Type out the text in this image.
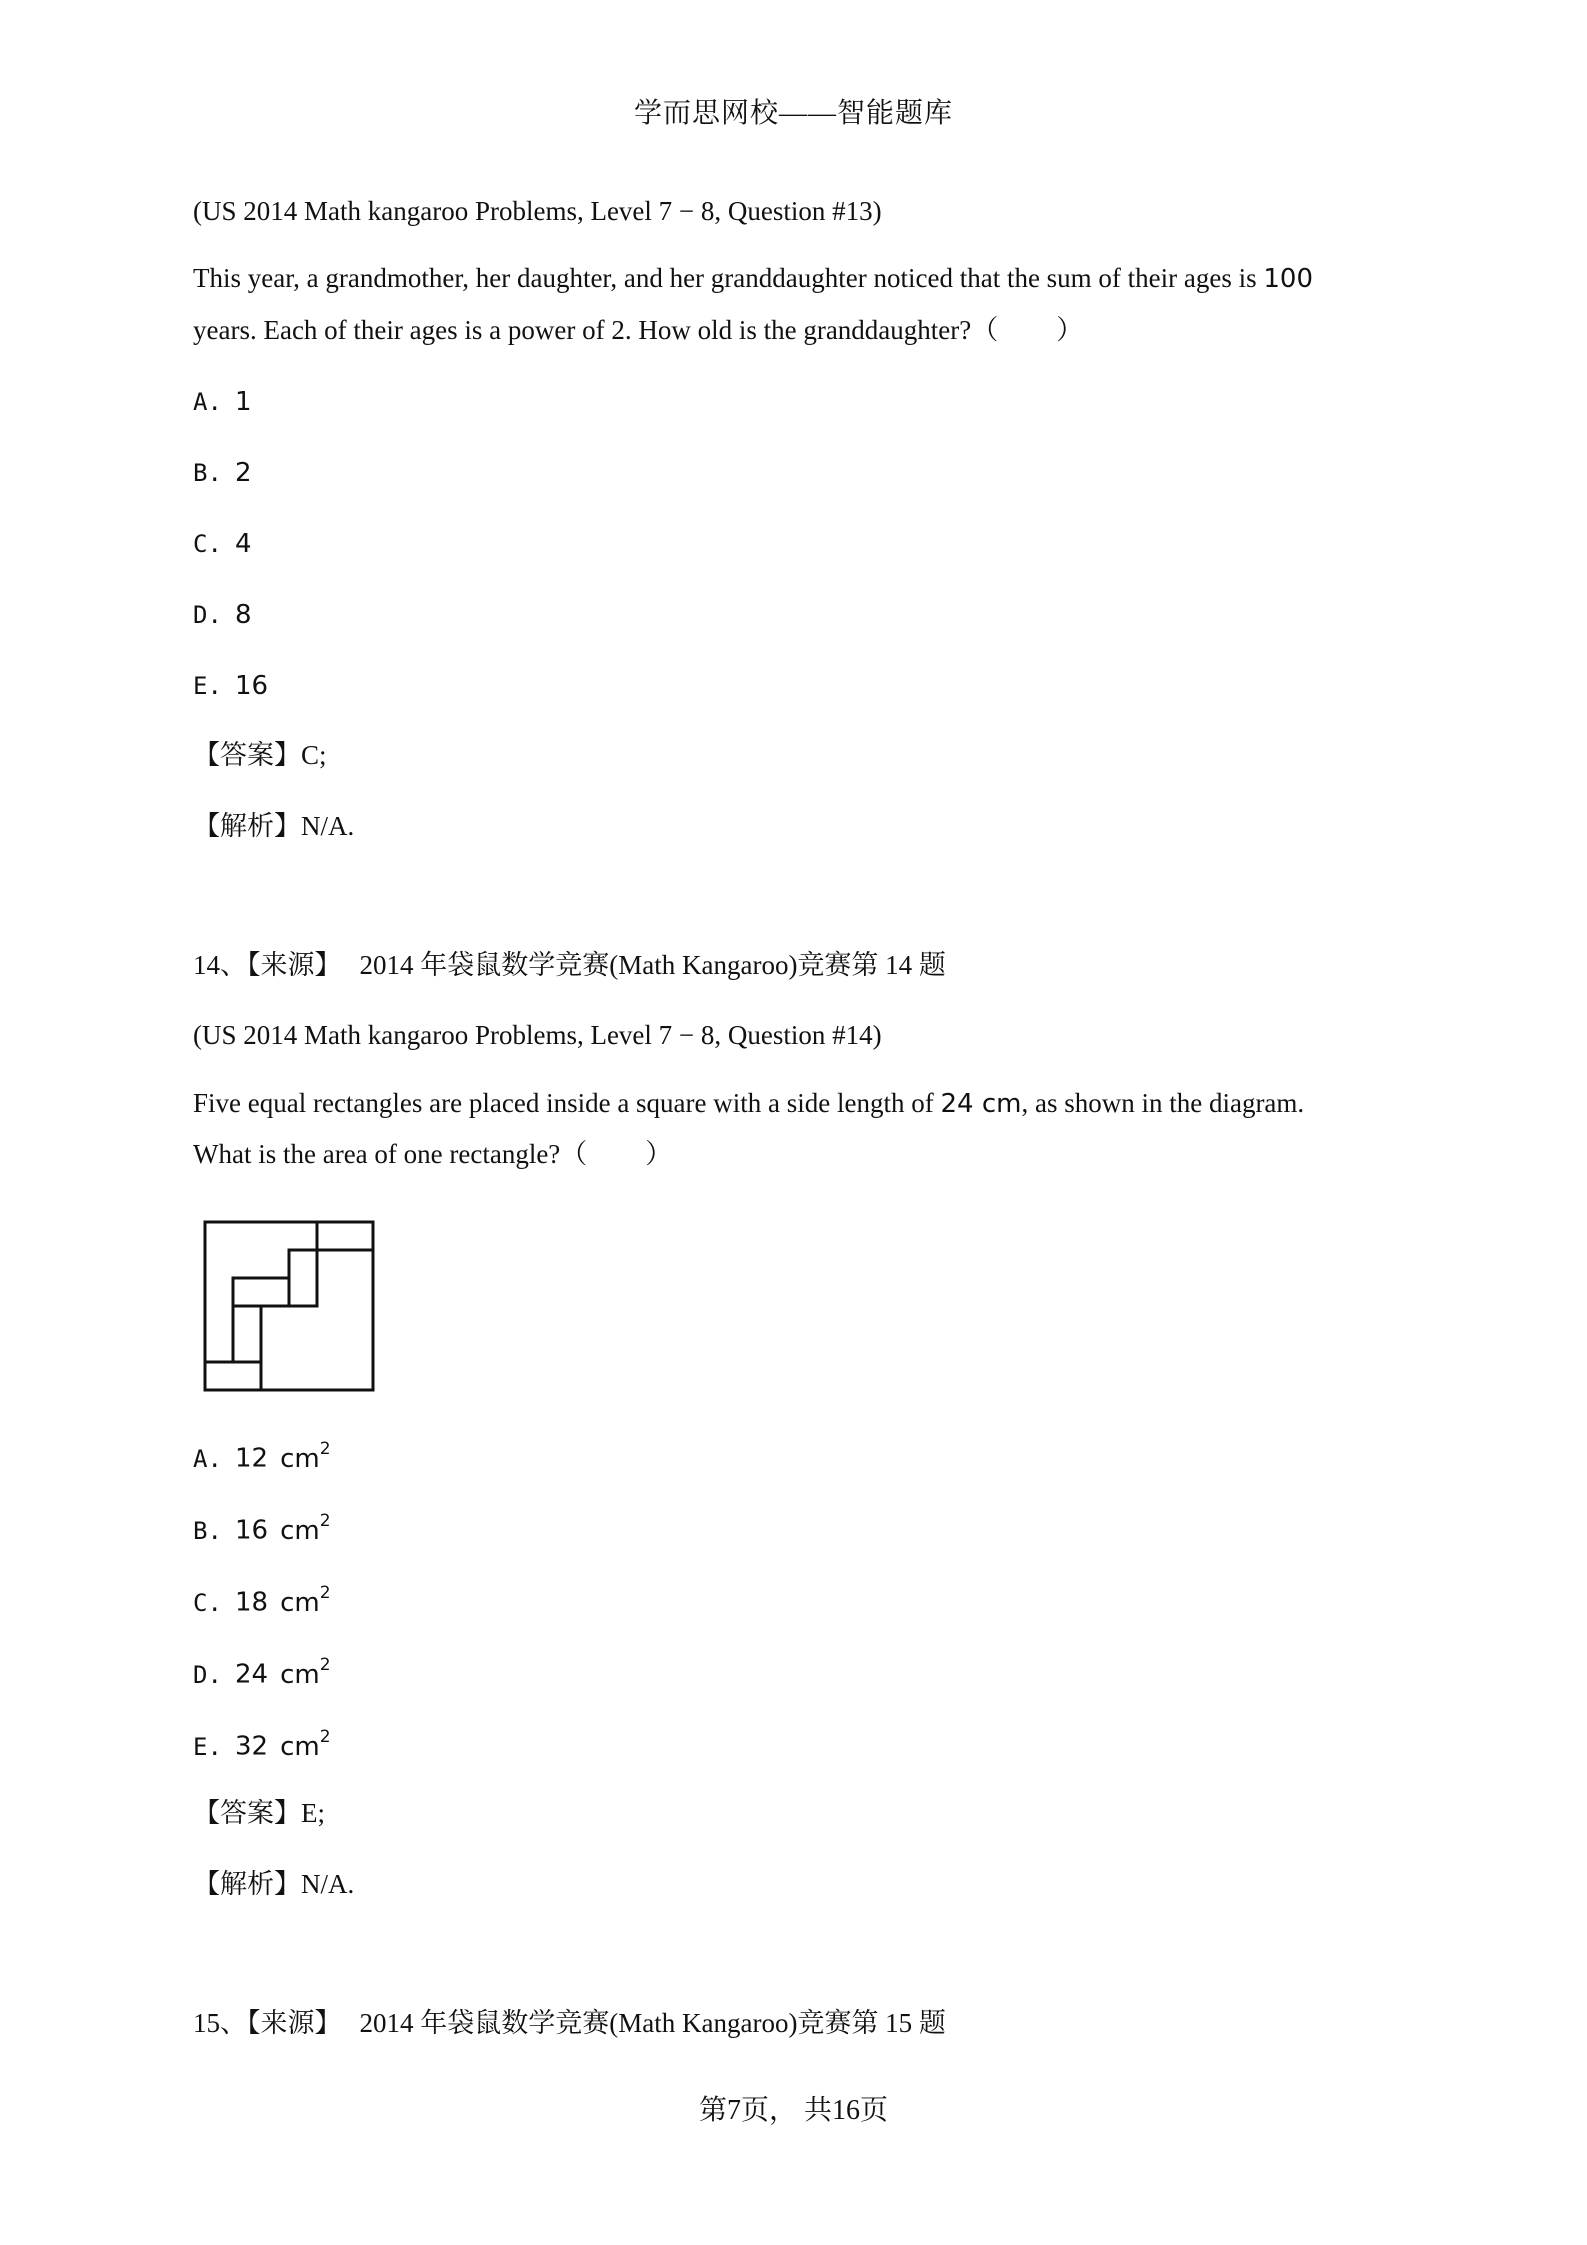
学而思网校——智能题库

(US 2014 Math kangaroo Problems, Level 7 − 8, Question #13)

This year, a grandmother, her daughter, and her granddaughter noticed that the sum of their ages is 100

years. Each of their ages is a power of 2. How old is the granddaughter?（ ）

A. 1

B. 2

C. 4

D. 8

E. 16

【答案】C;

【解析】N/A.

14、【来源】 2014 年袋鼠数学竞赛(Math Kangaroo)竞赛第 14 题

(US 2014 Math kangaroo Problems, Level 7 − 8, Question #14)

Five equal rectangles are placed inside a square with a side length of 24 cm, as shown in the diagram.

What is the area of one rectangle?（ ）

A. 12 $cm^2$

B. 16 $cm^2$

C. 18 $cm^2$

D. 24 $cm^2$

E. 32 $cm^2$

【答案】E;

【解析】N/A.

15、【来源】 2014 年袋鼠数学竞赛(Math Kangaroo)竞赛第 15 题

第7页， 共16页
